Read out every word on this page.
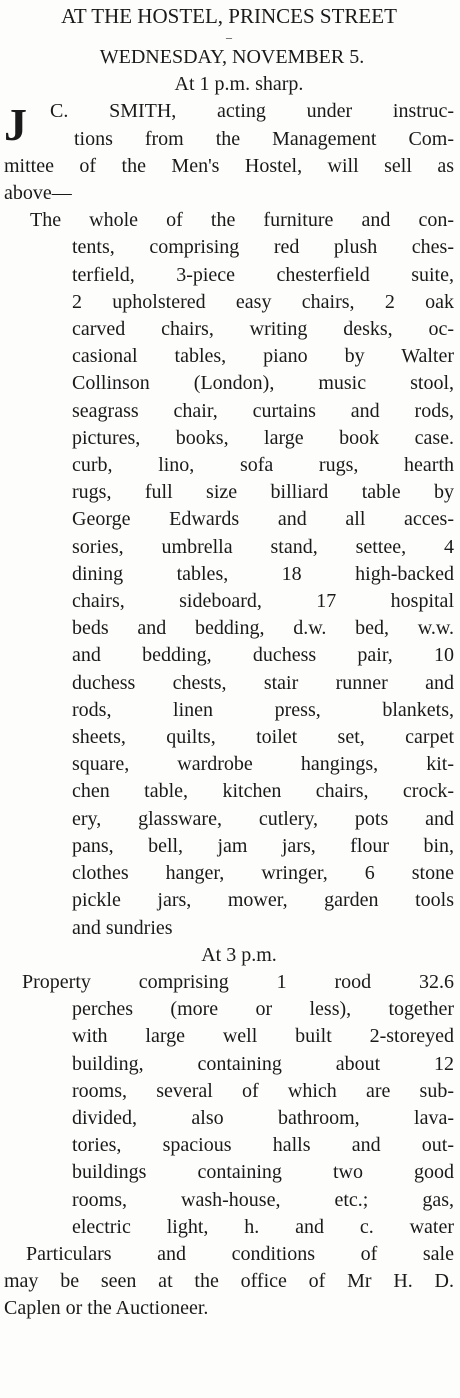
AT THE HOSTEL, PRINCES STREET
–
WEDNESDAY, NOVEMBER 5.
At 1 p.m. sharp.
J	C. SMITH, acting under instruc-
tions from the Management Com-
mittee of the Men's Hostel, will sell as
above—
The whole of the furniture and con-
tents, comprising red plush ches-
terfield, 3-piece chesterfield suite,
2 upholstered easy chairs, 2 oak
carved chairs, writing desks, oc-
casional tables, piano by Walter
Collinson (London), music stool,
seagrass chair, curtains and rods,
pictures, books, large book case.
curb, lino, sofa rugs, hearth
rugs, full size billiard table by
George Edwards and all acces-
sories, umbrella stand, settee, 4
dining tables, 18 high-backed
chairs, sideboard, 17 hospital
beds and bedding, d.w. bed, w.w.
and bedding, duchess pair, 10
duchess chests, stair runner and
rods, linen press, blankets,
sheets, quilts, toilet set, carpet
square, wardrobe hangings, kit-
chen table, kitchen chairs, crock-
ery, glassware, cutlery, pots and
pans, bell, jam jars, flour bin,
clothes hanger, wringer, 6 stone
pickle jars, mower, garden tools
and sundries
At 3 p.m.
Property comprising 1 rood 32.6
perches (more or less), together
with large well built 2-storeyed
building, containing about 12
rooms, several of which are sub-
divided, also bathroom, lava-
tories, spacious halls and out-
buildings containing two good
rooms, wash-house, etc.; gas,
electric light, h. and c. water
Particulars and conditions of sale
may be seen at the office of Mr H. D.
Caplen or the Auctioneer.
